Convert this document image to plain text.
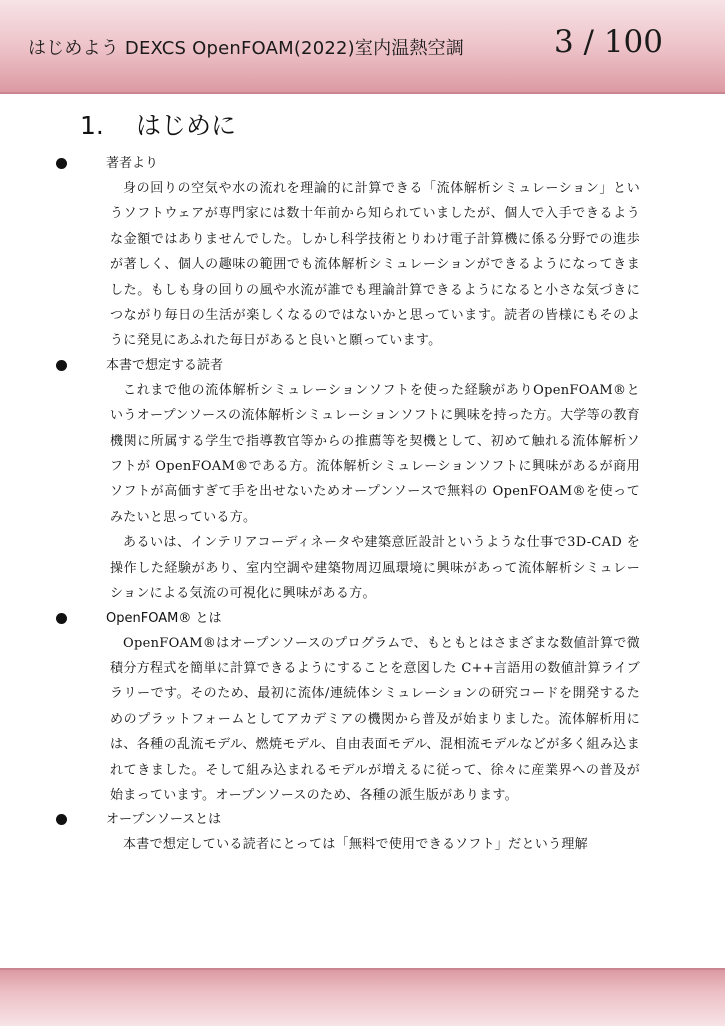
はじめよう DEXCS OpenFOAM(2022)室内温熱空調	3 / 100
1. はじめに
著者より

身の回りの空気や水の流れを理論的に計算できる「流体解析シミュレーション」というソフトウェアが専門家には数十年前から知られていましたが、個人で入手できるような金額ではありませんでした。しかし科学技術とりわけ電子計算機に係る分野での進歩が著しく、個人の趣味の範囲でも流体解析シミュレーションができるようになってきました。もしも身の回りの風や水流が誰でも理論計算できるようになると小さな気づきにつながり毎日の生活が楽しくなるのではないかと思っています。読者の皆様にもそのように発見にあふれた毎日があると良いと願っています。

本書で想定する読者

これまで他の流体解析シミュレーションソフトを使った経験がありOpenFOAM®というオープンソースの流体解析シミュレーションソフトに興味を持った方。大学等の教育機関に所属する学生で指導教官等からの推薦等を契機として、初めて触れる流体解析ソフトが OpenFOAM®である方。流体解析シミュレーションソフトに興味があるが商用ソフトが高価すぎて手を出せないためオープンソースで無料の OpenFOAM®を使ってみたいと思っている方。

あるいは、インテリアコーディネータや建築意匠設計というような仕事で3D-CAD を操作した経験があり、室内空調や建築物周辺風環境に興味があって流体解析シミュレーションによる気流の可視化に興味がある方。

OpenFOAM® とは

OpenFOAM®はオープンソースのプログラムで、もともとはさまざまな数値計算で微積分方程式を簡単に計算できるようにすることを意図した C++言語用の数値計算ライブラリーです。そのため、最初に流体/連続体シミュレーションの研究コードを開発するためのプラットフォームとしてアカデミアの機関から普及が始まりました。流体解析用には、各種の乱流モデル、燃焼モデル、自由表面モデル、混相流モデルなどが多く組み込まれてきました。そして組み込まれるモデルが増えるに従って、徐々に産業界への普及が始まっています。オープンソースのため、各種の派生版があります。

オープンソースとは

本書で想定している読者にとっては「無料で使用できるソフト」だという理解
